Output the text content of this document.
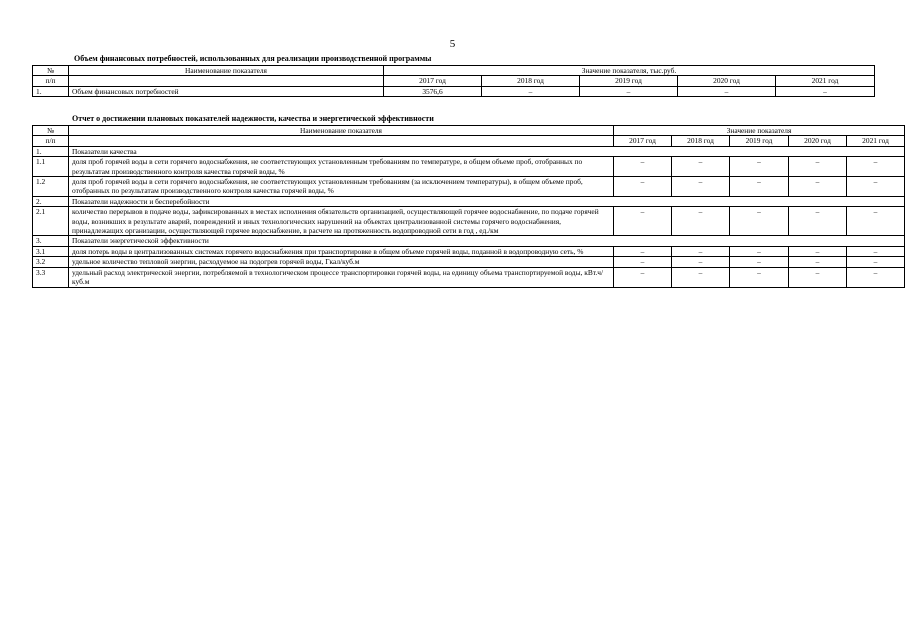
5
Объем финансовых потребностей, использованных для реализации производственной программы
№	Наименование показателя	Значение показателя, тыс.руб.				
п/п		2017 год	2018 год	2019 год	2020 год	2021 год
1.	Объем финансовых потребностей	3576,6	–	–	–	–
Отчет о достижении плановых показателей надежности, качества и энергетической эффективности
№	Наименование показателя	Значение показателя				
п/п		2017 год	2018 год	2019 год	2020 год	2021 год
1.	Показатели качества					
1.1	доля проб горячей воды в сети горячего водоснабжения, не соответствующих установленным требованиям по температуре, в общем объеме проб, отобранных по результатам производственного контроля качества горячей воды, %	–	–	–	–	–
1.2	доля проб горячей воды в сети горячего водоснабжения, не соответствующих установленным требованиям (за исключением температуры), в общем объеме проб, отобранных по результатам производственного контроля качества горячей воды, %	–	–	–	–	–
2.	Показатели надежности и бесперебойности					
2.1	количество перерывов в подаче воды, зафиксированных в местах исполнения обязательств организацией, осуществляющей горячее водоснабжение, по подаче горячей воды, возникших в результате аварий, повреждений и иных технологических нарушений на объектах централизованной системы горячего водоснабжения, принадлежащих организации, осуществляющей горячее водоснабжение, в расчете на протяженность водопроводной сети в год , ед./км	–	–	–	–	–
3.	Показатели энергетической эффективности					
3.1	доля потерь воды в централизованных системах горячего водоснабжения при транспортировке в общем объеме горячей воды, поданной в водопроводную сеть, %	–	–	–	–	–
3.2	удельное количество тепловой энергии, расходуемое на подогрев горячей воды, Гкал/куб.м	–	–	–	–	–
3.3	удельный расход электрической энергии, потребляемой в технологическом процессе транспортировки горячей воды, на единицу объема транспортируемой воды, кВт.ч/куб.м	–	–	–	–	–
